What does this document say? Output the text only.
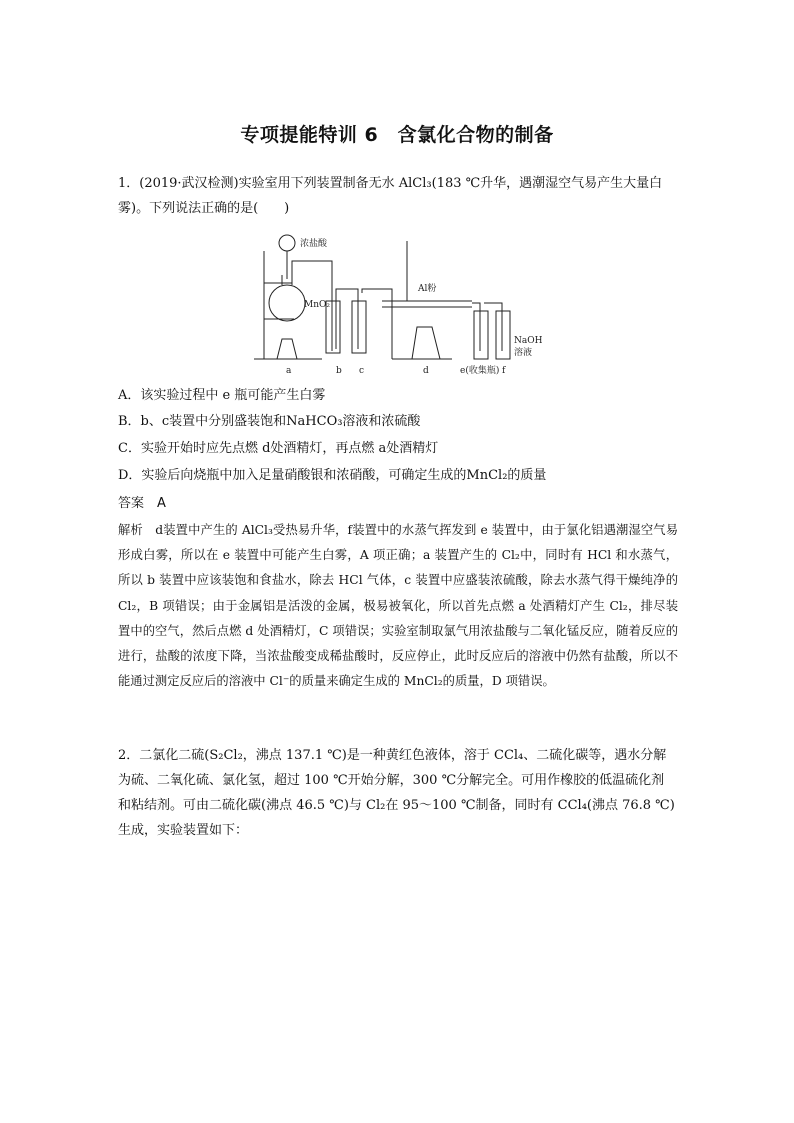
专项提能特训 6　含氯化合物的制备
1．(2019·武汉检测)实验室用下列装置制备无水 AlCl₃(183 ℃升华，遇潮湿空气易产生大量白雾)。下列说法正确的是(　　)
浓盐酸
MnO₂
Al粉
NaOH
溶液
a	b c	d	e(收集瓶) f
A．该实验过程中 e 瓶可能产生白雾
B．b、c装置中分别盛装饱和NaHCO₃溶液和浓硫酸
C．实验开始时应先点燃 d处酒精灯，再点燃 a处酒精灯
D．实验后向烧瓶中加入足量硝酸银和浓硝酸，可确定生成的MnCl₂的质量
答案　A
解析　d装置中产生的 AlCl₃受热易升华，f装置中的水蒸气挥发到 e 装置中，由于氯化铝遇潮湿空气易形成白雾，所以在 e 装置中可能产生白雾，A 项正确；a 装置产生的 Cl₂中，同时有 HCl 和水蒸气，所以 b 装置中应该装饱和食盐水，除去 HCl 气体，c 装置中应盛装浓硫酸，除去水蒸气得干燥纯净的 Cl₂，B 项错误；由于金属铝是活泼的金属，极易被氧化，所以首先点燃 a 处酒精灯产生 Cl₂，排尽装置中的空气，然后点燃 d 处酒精灯，C 项错误；实验室制取氯气用浓盐酸与二氧化锰反应，随着反应的进行，盐酸的浓度下降，当浓盐酸变成稀盐酸时，反应停止，此时反应后的溶液中仍然有盐酸，所以不能通过测定反应后的溶液中 Cl⁻的质量来确定生成的 MnCl₂的质量，D 项错误。
2．二氯化二硫(S₂Cl₂，沸点 137.1 ℃)是一种黄红色液体，溶于 CCl₄、二硫化碳等，遇水分解为硫、二氧化硫、氯化氢，超过 100 ℃开始分解，300 ℃分解完全。可用作橡胶的低温硫化剂和粘结剂。可由二硫化碳(沸点 46.5 ℃)与 Cl₂在 95～100 ℃制备，同时有 CCl₄(沸点 76.8 ℃)生成，实验装置如下：
